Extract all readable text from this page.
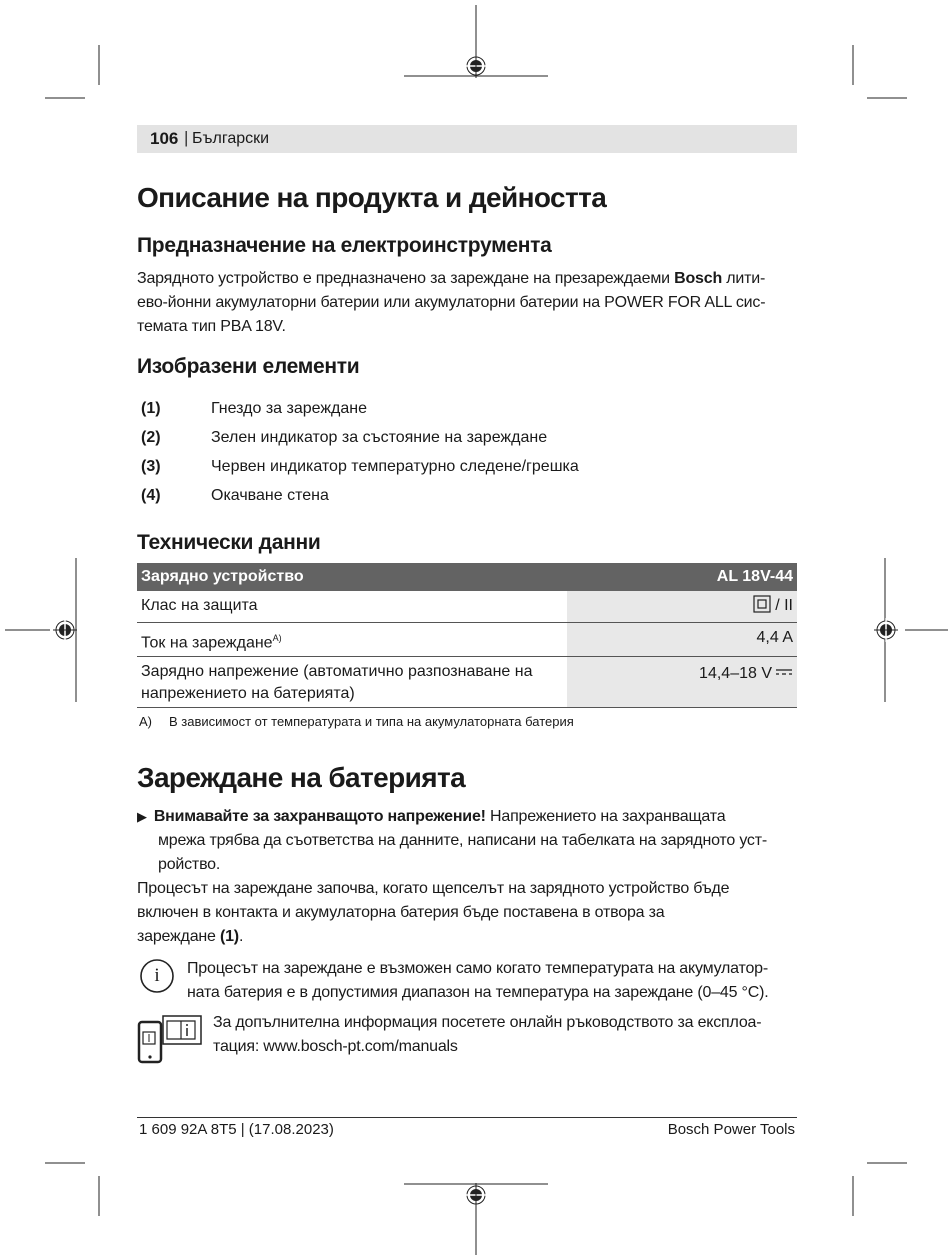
106 | Български
Описание на продукта и дейността
Предназначение на електроинструмента
Зарядното устройство е предназначено за зареждане на презареждаеми Bosch лити-
ево-йонни акумулаторни батерии или акумулаторни батерии на POWER FOR ALL сис-
темата тип PBA 18V.
Изобразени елементи
(1)	Гнездо за зареждане
(2)	Зелен индикатор за състояние на зареждане
(3)	Червен индикатор температурно следене/грешка
(4)	Окачване стена
Технически данни
Зарядно устройство	AL 18V-44
Клас на защита	/ II
Ток на зареждане$^{A)}$	4,4 A

Зарядно напрежение (автоматично разпознаване на
напрежението на батерията)	14,4–18 V
A) В зависимост от температурата и типа на акумулаторната батерия
Зареждане на батерията
▶ Внимавайте за захранващото напрежение! Напрежението на захранващата
мрежа трябва да съответства на данните, написани на табелката на зарядното уст-
ройство.
Процесът на зареждане започва, когато щепселът на зарядното устройство бъде
включен в контакта и акумулаторна батерия бъде поставена в отвора за
зареждане (1).
i	Процесът на зареждане е възможен само когато температурата на акумулатор-
ната батерия е в допустимия диапазон на температура на зареждане (0–45 °C).
За допълнителна информация посетете онлайн ръководството за експлоа-
тация: www.bosch-pt.com/manuals
1 609 92A 8T5 | (17.08.2023)	Bosch Power Tools
